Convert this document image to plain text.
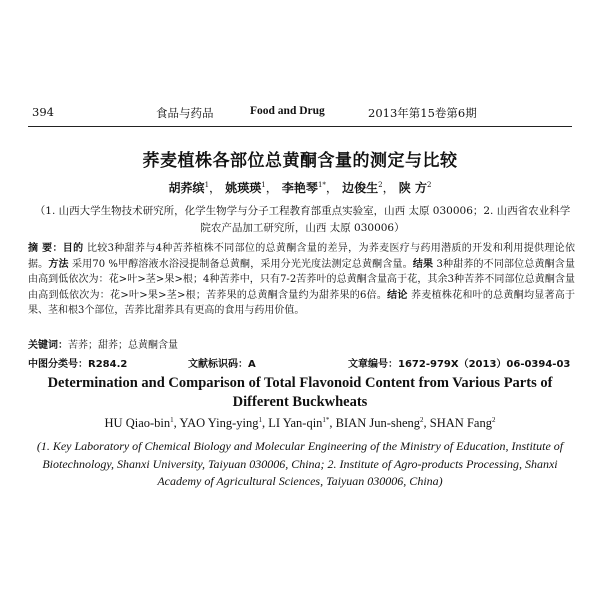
394	食品与药品	Food and Drug	2013年第15卷第6期
荞麦植株各部位总黄酮含量的测定与比较
胡荞缤$^1$， 姚瑛瑛$^1$， 李艳琴$^{1*}$， 边俊生$^2$， 陕 方$^2$
（1. 山西大学生物技术研究所，化学生物学与分子工程教育部重点实验室，山西 太原 030006；2. 山西省农业科学院农产品加工研究所，山西 太原 030006）
摘 要：目的 比较3种甜荞与4种苦荞植株不同部位的总黄酮含量的差异，为荞麦医疗与药用潜质的开发和利用提供理论依据。方法 采用70 %甲醇溶液水浴浸提制备总黄酮，采用分光光度法测定总黄酮含量。结果 3种甜荞的不同部位总黄酮含量由高到低依次为：花>叶>茎>果>根；4种苦荞中，只有7-2苦荞叶的总黄酮含量高于花，其余3种苦荞不同部位总黄酮含量由高到低依次为：花>叶>果>茎>根；苦荞果的总黄酮含量约为甜荞果的6倍。结论 荞麦植株花和叶的总黄酮均显著高于果、茎和根3个部位，苦荞比甜荞具有更高的食用与药用价值。
关键词：苦荞；甜荞；总黄酮含量
中图分类号：R284.2	文献标识码：A	文章编号：1672-979X（2013）06-0394-03
Determination and Comparison of Total Flavonoid Content from Various Parts of Different Buckwheats
HU Qiao-bin$^1$, YAO Ying-ying$^1$, LI Yan-qin$^{1*}$, BIAN Jun-sheng$^2$, SHAN Fang$^2$
(1. Key Laboratory of Chemical Biology and Molecular Engineering of the Ministry of Education, Institute of Biotechnology, Shanxi University, Taiyuan 030006, China; 2. Institute of Agro-products Processing, Shanxi Academy of Agricultural Sciences, Taiyuan 030006, China)
